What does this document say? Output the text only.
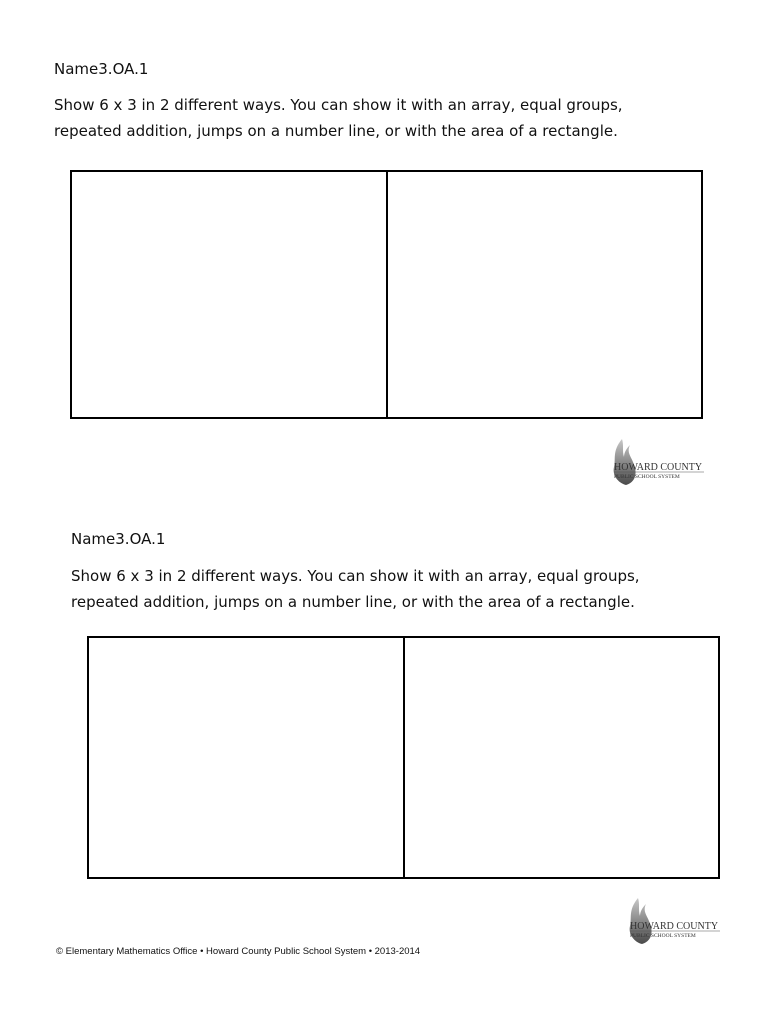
Name3.OA.1
Show 6 x 3 in 2 different ways. You can show it with an array, equal groups,
repeated addition, jumps on a number line, or with the area of a rectangle.
HOWARD COUNTY
PUBLIC SCHOOL SYSTEM
Name3.OA.1
Show 6 x 3 in 2 different ways. You can show it with an array, equal groups,
repeated addition, jumps on a number line, or with the area of a rectangle.
HOWARD COUNTY
PUBLIC SCHOOL SYSTEM
© Elementary Mathematics Office • Howard County Public School System • 2013-2014
